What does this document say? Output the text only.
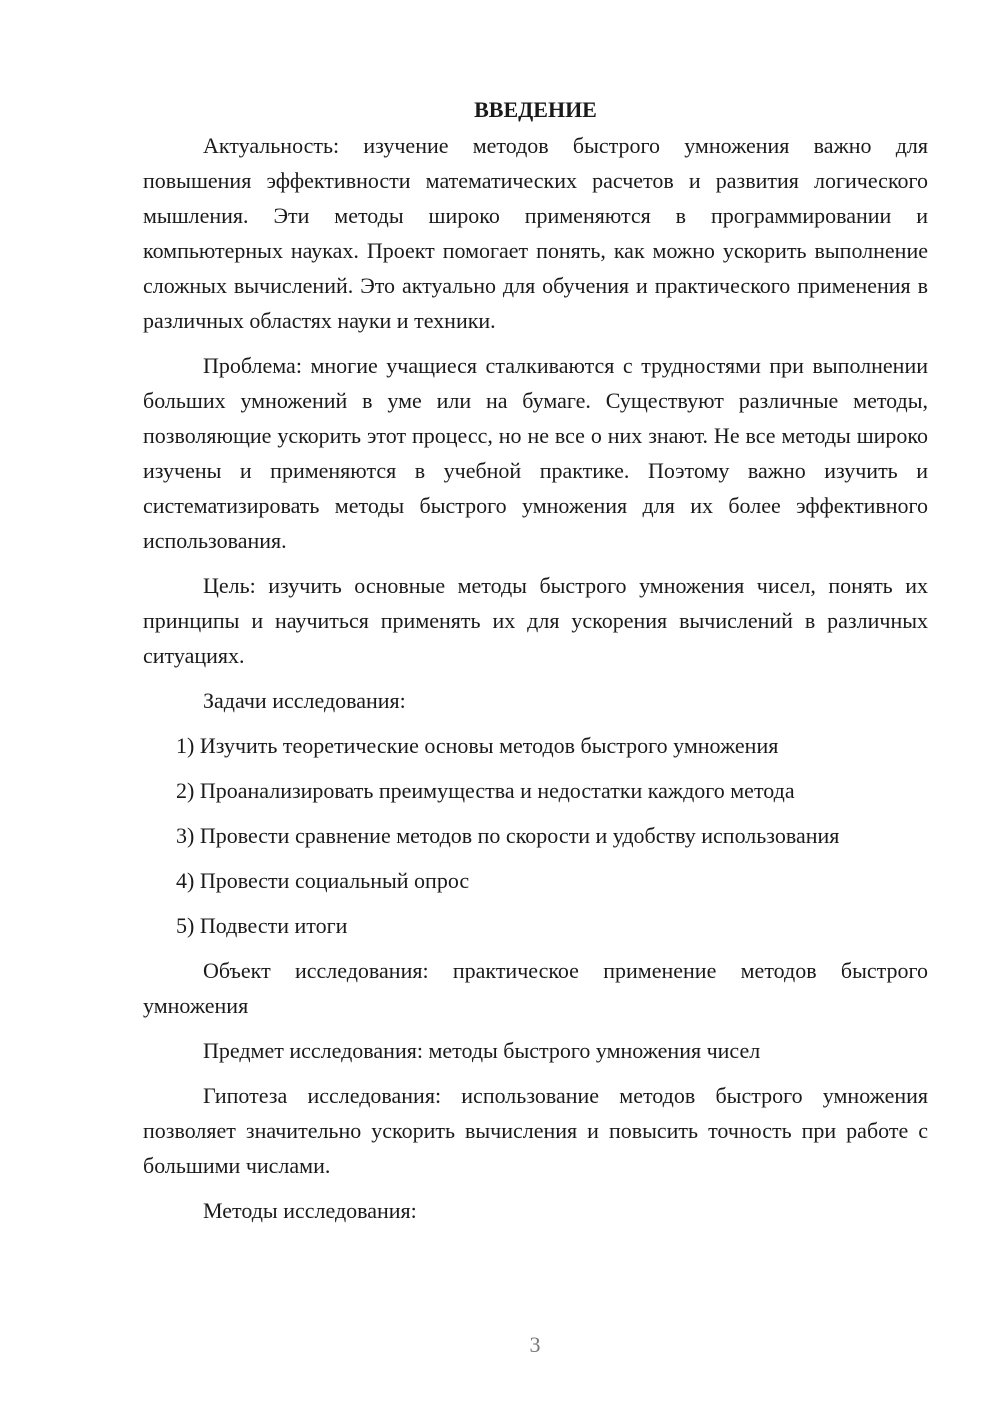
ВВЕДЕНИЕ

Актуальность: изучение методов быстрого умножения важно для повышения эффективности математических расчетов и развития логического мышления. Эти методы широко применяются в программировании и компьютерных науках. Проект помогает понять, как можно ускорить выполнение сложных вычислений. Это актуально для обучения и практического применения в различных областях науки и техники.

Проблема: многие учащиеся сталкиваются с трудностями при выполнении больших умножений в уме или на бумаге. Существуют различные методы, позволяющие ускорить этот процесс, но не все о них знают. Не все методы широко изучены и применяются в учебной практике. Поэтому важно изучить и систематизировать методы быстрого умножения для их более эффективного использования.

Цель: изучить основные методы быстрого умножения чисел, понять их принципы и научиться применять их для ускорения вычислений в различных ситуациях.

Задачи исследования:

1) Изучить теоретические основы методов быстрого умножения
2) Проанализировать преимущества и недостатки каждого метода
3) Провести сравнение методов по скорости и удобству использования
4) Провести социальный опрос
5) Подвести итоги

Объект исследования: практическое применение методов быстрого умножения

Предмет исследования: методы быстрого умножения чисел

Гипотеза исследования: использование методов быстрого умножения позволяет значительно ускорить вычисления и повысить точность при работе с большими числами.

Методы исследования:

3
